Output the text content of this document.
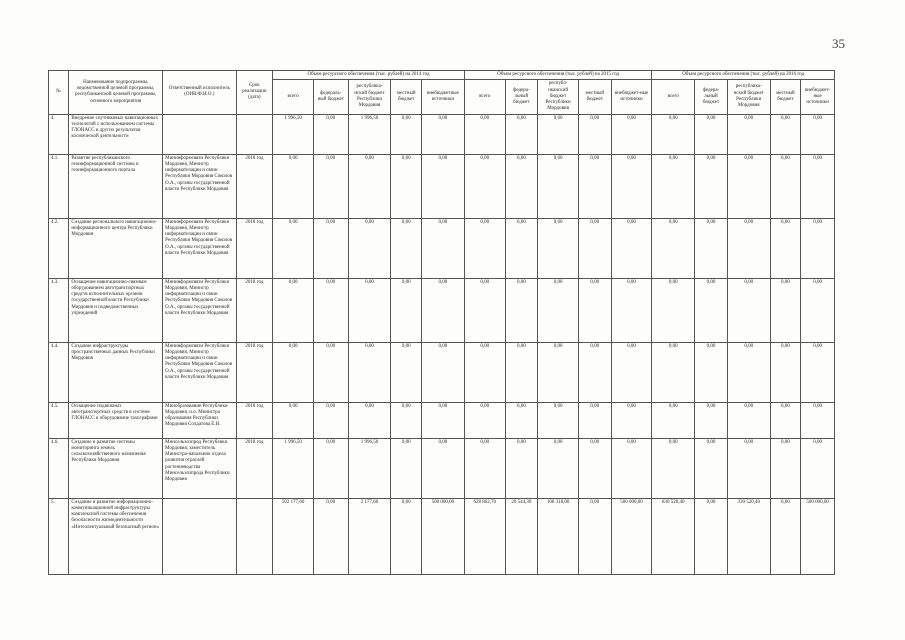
35
№	Наименование подпрограммы, ведомственной целевой программы, республиканской целевой программы, основного мероприятия	Ответственный исполнитель (ОИВ/Ф.И.О.)	Срок реализации (дата)	Объем ресурсного обеспечения (тыс. рублей) на 2014 год					Объем ресурсного обеспечения (тыс. рублей) на 2015 год					Объем ресурсного обеспечения (тыс. рублей) на 2016 год				
				всего	федераль-ный бюджет	республика-нский бюджет Республики Мордовия	местный бюджет	внебюджетные источники	всего	федера-льный бюджет	республ-иканский бюджет Республики Мордовия	местный бюджет	внебюджет-ные источники	всего	федера-льный бюджет	республика-нский бюджет Республики Мордовия	местный бюджет	внебюджет-ные источники
4.	Внедрение спутниковых навигационных технологий с использованием системы ГЛОНАСС и других результатов космической деятельности			1 996,50	0,00	1 996,50	0,00	0,00	0,00	0,00	0,00	0,00	0,00	0,00	0,00	0,00	0,00	0,00
4.1.	Развитие республиканского геоинформационной системы и геоинформационного портала	Мининформсвязи Республики Мордовия, Министр информатизации и связи Республики Мордовия Соколов О.А., органы государственной власти Республики Мордовия	2018 год	0,00	0,00	0,00	0,00	0,00	0,00	0,00	0,00	0,00	0,00	0,00	0,00	0,00	0,00	0,00
4.2.	Создание регионального навигационно-информационного центра Республики Мордовия	Мининформсвязи Республики Мордовия, Министр информатизации и связи Республики Мордовия Соколов О.А., органы государственной власти Республики Мордовия	2018 год	0,00	0,00	0,00	0,00	0,00	0,00	0,00	0,00	0,00	0,00	0,00	0,00	0,00	0,00	0,00
4.3.	Оснащение навигационно-связным оборудованием автотранспортных средств исполнительных органов государственной власти Республики Мордовия и подведомственных учреждений	Мининформсвязи Республики Мордовия, Министр информатизации и связи Республики Мордовия Соколов О.А., органы государственной власти Республики Мордовия	2018 год	0,00	0,00	0,00	0,00	0,00	0,00	0,00	0,00	0,00	0,00	0,00	0,00	0,00	0,00	0,00
4.4.	Создание инфраструктуры пространственных данных Республики Мордовия	Мининформсвязи Республики Мордовия, Министр информатизации и связи Республики Мордовия Соколов О.А., органы государственной власти Республики Мордовия	2018 год	0,00	0,00	0,00	0,00	0,00	0,00	0,00	0,00	0,00	0,00	0,00	0,00	0,00	0,00	0,00
4.5.	Оснащение подвижных автотранспортных средств в системе ГЛОНАСС и оборудование тахографами	Минобразование Республики Мордовия, и.о. Министра образования Республики Мордовия Солдатова Е.Н.	2018 год	0,00	0,00	0,00	0,00	0,00	0,00	0,00	0,00	0,00	0,00	0,00	0,00	0,00	0,00	0,00
4.6.	Создание и развитие системы мониторинга земель сельскохозяйственного назначения Республики Мордовия	Минсельхозпрод Республики Мордовия, заместитель Министра-начальник отдела развития отраслей растениеводства Минсельхозпрода Республики Мордовия	2018 год	1 996,50	0,00	1 996,50	0,00	0,00	0,00	0,00	0,00	0,00	0,00	0,00	0,00	0,00	0,00	0,00
5.	Создание и развитие информационно-коммуникационной инфраструктуры комплексной системы обеспечения безопасности жизнедеятельности «Интеллектуальный безопасный регион»			502 177,60	0,00	2 177,60	0,00	500 000,00	628 862,70	20 544,30	108 318,00	0,00	500 000,00	830 520,40	0,00	330 520,40	0,00	500 000,00
